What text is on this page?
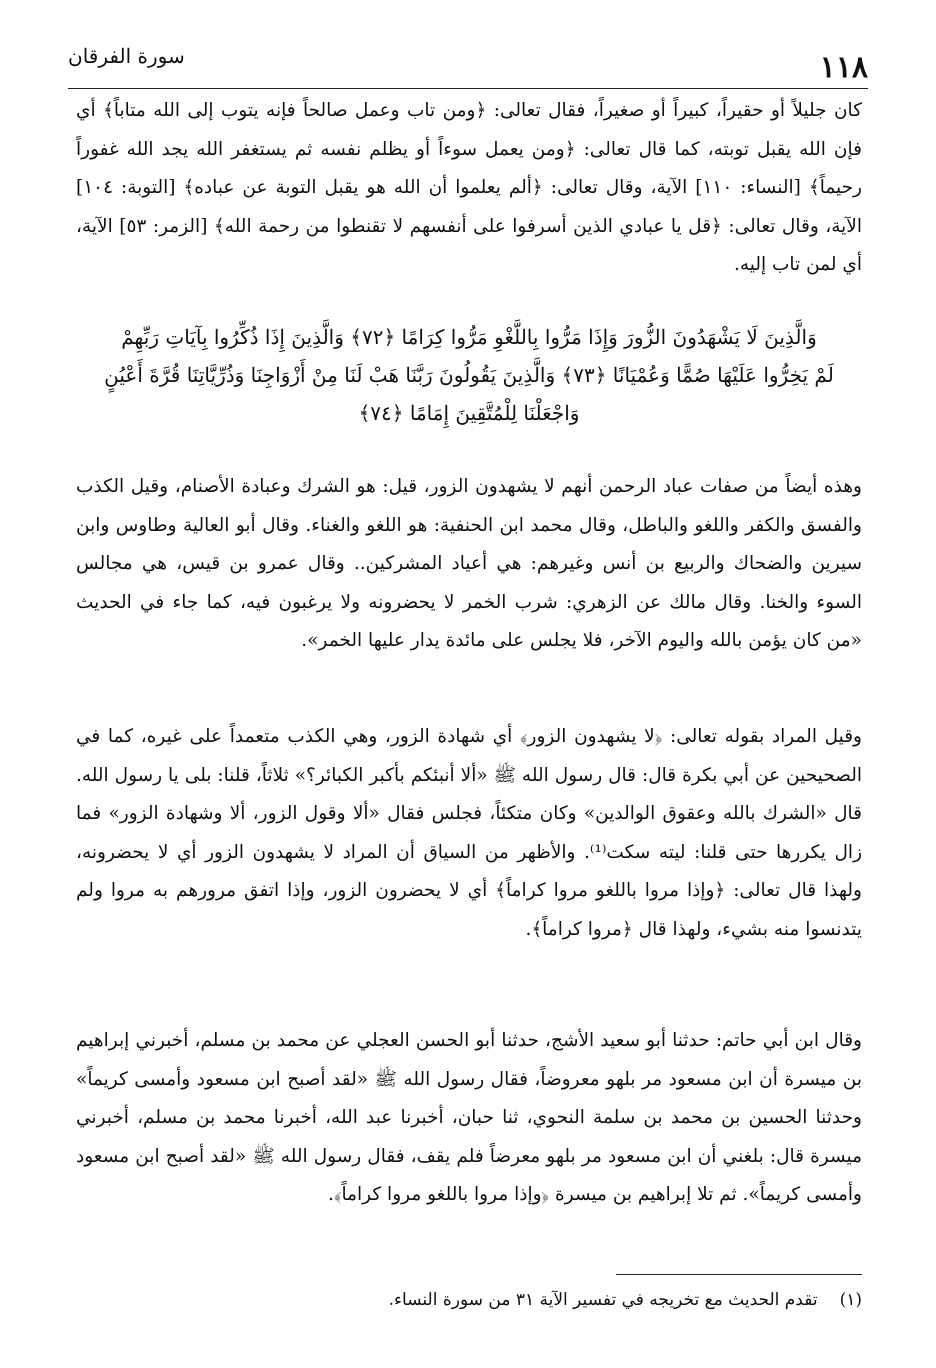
١١٨
سورة الفرقان

كان جليلاً أو حقيراً، كبيراً أو صغيراً، فقال تعالى: ﴿ومن تاب وعمل صالحاً فإنه يتوب إلى الله متاباً﴾ أي فإن الله يقبل توبته، كما قال تعالى: ﴿ومن يعمل سوءاً أو يظلم نفسه ثم يستغفر الله يجد الله غفوراً رحيماً﴾ [النساء: ١١٠] الآية، وقال تعالى: ﴿ألم يعلموا أن الله هو يقبل التوبة عن عباده﴾ [التوبة: ١٠٤] الآية، وقال تعالى: ﴿قل يا عبادي الذين أسرفوا على أنفسهم لا تقنطوا من رحمة الله﴾ [الزمر: ٥٣] الآية، أي لمن تاب إليه.

وَالَّذِينَ لَا يَشْهَدُونَ الزُّورَ وَإِذَا مَرُّوا بِاللَّغْوِ مَرُّوا كِرَامًا ﴿٧٢﴾ وَالَّذِينَ إِذَا ذُكِّرُوا بِآيَاتِ رَبِّهِمْ

لَمْ يَخِرُّوا عَلَيْهَا صُمًّا وَعُمْيَانًا ﴿٧٣﴾ وَالَّذِينَ يَقُولُونَ رَبَّنَا هَبْ لَنَا مِنْ أَزْوَاجِنَا وَذُرِّيَّاتِنَا قُرَّةَ أَعْيُنٍ

وَاجْعَلْنَا لِلْمُتَّقِينَ إِمَامًا ﴿٧٤﴾

وهذه أيضاً من صفات عباد الرحمن أنهم لا يشهدون الزور، قيل: هو الشرك وعبادة الأصنام، وقيل الكذب والفسق والكفر واللغو والباطل، وقال محمد ابن الحنفية: هو اللغو والغناء. وقال أبو العالية وطاوس وابن سيرين والضحاك والربيع بن أنس وغيرهم: هي أعياد المشركين.. وقال عمرو بن قيس، هي مجالس السوء والخنا. وقال مالك عن الزهري: شرب الخمر لا يحضرونه ولا يرغبون فيه، كما جاء في الحديث «من كان يؤمن بالله واليوم الآخر، فلا يجلس على مائدة يدار عليها الخمر».

وقيل المراد بقوله تعالى: ﴿لا يشهدون الزور﴾ أي شهادة الزور، وهي الكذب متعمداً على غيره، كما في الصحيحين عن أبي بكرة قال: قال رسول الله ﷺ «ألا أنبئكم بأكبر الكبائر؟» ثلاثاً، قلنا: بلى يا رسول الله. قال «الشرك بالله وعقوق الوالدين» وكان متكئاً، فجلس فقال «ألا وقول الزور، ألا وشهادة الزور» فما زال يكررها حتى قلنا: ليته سكت⁽¹⁾. والأظهر من السياق أن المراد لا يشهدون الزور أي لا يحضرونه، ولهذا قال تعالى: ﴿وإذا مروا باللغو مروا كراماً﴾ أي لا يحضرون الزور، وإذا اتفق مرورهم به مروا ولم يتدنسوا منه بشيء، ولهذا قال ﴿مروا كراماً﴾.

وقال ابن أبي حاتم: حدثنا أبو سعيد الأشج، حدثنا أبو الحسن العجلي عن محمد بن مسلم، أخبرني إبراهيم بن ميسرة أن ابن مسعود مر بلهو معروضاً، فقال رسول الله ﷺ «لقد أصبح ابن مسعود وأمسى كريماً» وحدثنا الحسين بن محمد بن سلمة النحوي، ثنا حبان، أخبرنا عبد الله، أخبرنا محمد بن مسلم، أخبرني ميسرة قال: بلغني أن ابن مسعود مر بلهو معرضاً فلم يقف، فقال رسول الله ﷺ «لقد أصبح ابن مسعود وأمسى كريماً». ثم تلا إبراهيم بن ميسرة ﴿وإذا مروا باللغو مروا كراماً﴾.

(١)تقدم الحديث مع تخريجه في تفسير الآية ٣١ من سورة النساء.
